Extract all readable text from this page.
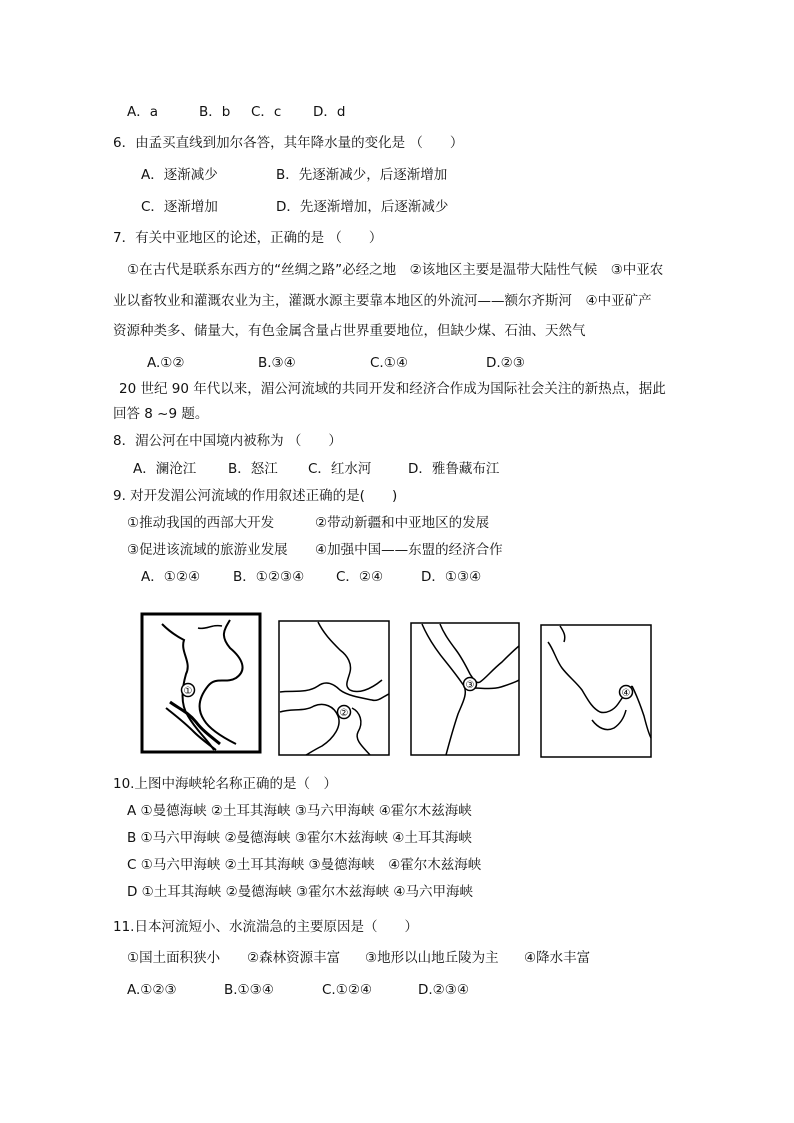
A．a	B．b C．c D．d
6．由孟买直线到加尔各答，其年降水量的变化是 （　　）
A．逐渐减少	B．先逐渐减少，后逐渐增加
C．逐渐增加	D．先逐渐增加，后逐渐减少
7．有关中亚地区的论述，正确的是 （　　）
①在古代是联系东西方的“丝绸之路”必经之地　②该地区主要是温带大陆性气候　③中亚农
业以畜牧业和灌溉农业为主，灌溉水源主要靠本地区的外流河——额尔齐斯河　④中亚矿产
资源种类多、储量大，有色金属含量占世界重要地位，但缺少煤、石油、天然气
A.①②	B.③④	C.①④	D.②③
20 世纪 90 年代以来，湄公河流域的共同开发和经济合作成为国际社会关注的新热点，据此
回答 8 ~9 题。
8．湄公河在中国境内被称为 （　　）
A．澜沧江 B．怒江 C．红水河	D．雅鲁藏布江
9. 对开发湄公河流域的作用叙述正确的是(　　)
①推动我国的西部大开发	②带动新疆和中亚地区的发展
③促进该流域的旅游业发展 ④加强中国——东盟的经济合作
A．①②④ B．①②③④ C．②④	D．①③④
①
②
③
④
10.上图中海峡轮名称正确的是（　）
A ①曼德海峡 ②土耳其海峡 ③马六甲海峡 ④霍尔木兹海峡
B ①马六甲海峡 ②曼德海峡 ③霍尔木兹海峡 ④土耳其海峡
C ①马六甲海峡 ②土耳其海峡 ③曼德海峡　④霍尔木兹海峡
D ①土耳其海峡 ②曼德海峡 ③霍尔木兹海峡 ④马六甲海峡
11.日本河流短小、水流湍急的主要原因是（　　）
①国土面积狭小 ②森林资源丰富 ③地形以山地丘陵为主 ④降水丰富
A.①②③	B.①③④	C.①②④	D.②③④
